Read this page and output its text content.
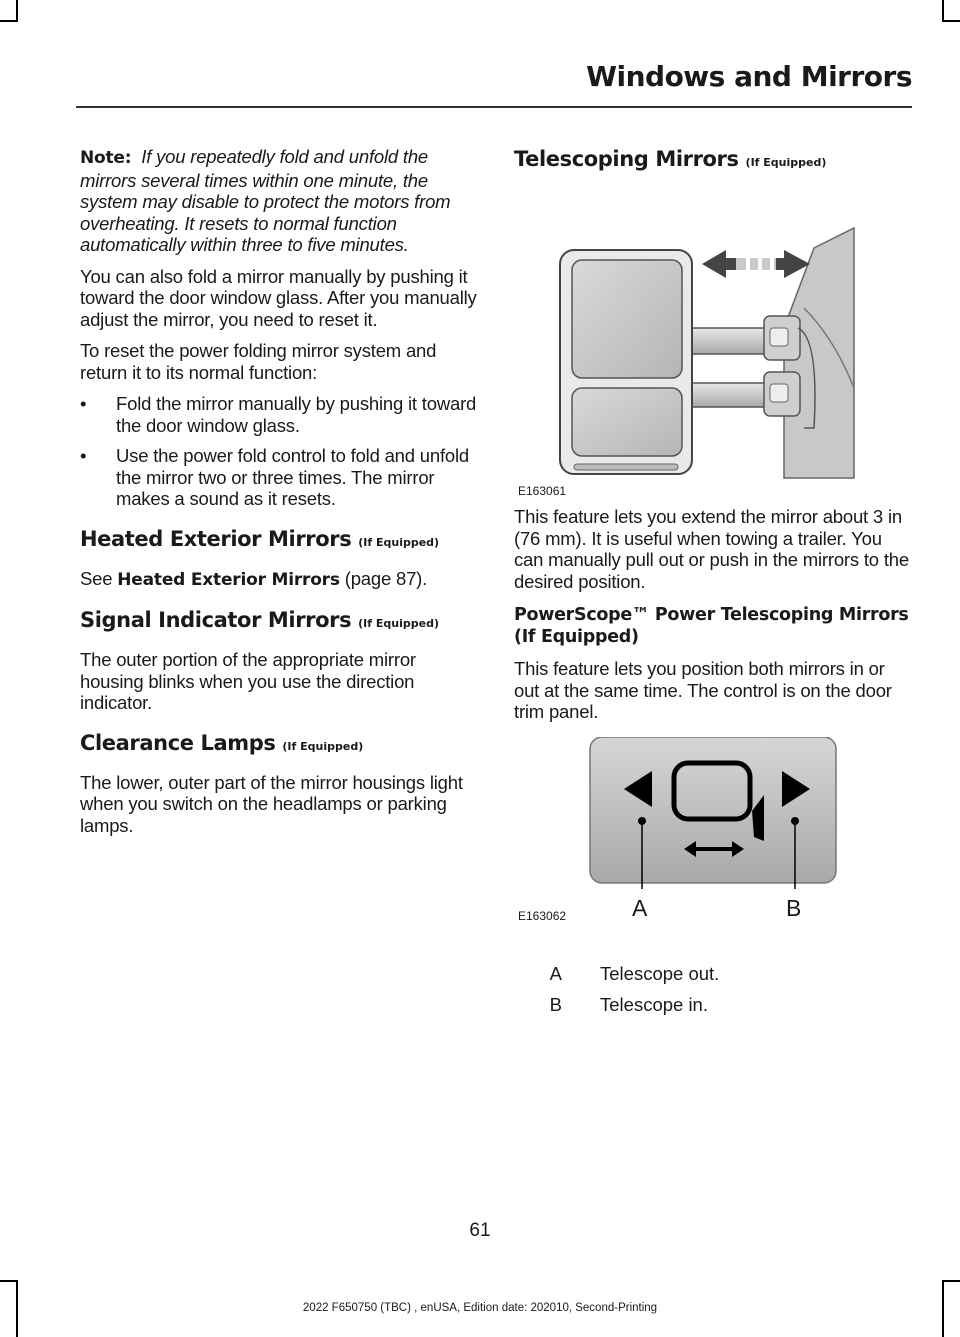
Windows and Mirrors

Note: If you repeatedly fold and unfold the mirrors several times within one minute, the system may disable to protect the motors from overheating. It resets to normal function automatically within three to five minutes.

You can also fold a mirror manually by pushing it toward the door window glass. After you manually adjust the mirror, you need to reset it.

To reset the power folding mirror system and return it to its normal function:

• Fold the mirror manually by pushing it toward the door window glass.
• Use the power fold control to fold and unfold the mirror two or three times. The mirror makes a sound as it resets.
Heated Exterior Mirrors (If Equipped)

See Heated Exterior Mirrors (page 87).

Signal Indicator Mirrors (If Equipped)

The outer portion of the appropriate mirror housing blinks when you use the direction indicator.

Clearance Lamps (If Equipped)

The lower, outer part of the mirror housings light when you switch on the headlamps or parking lamps.

Telescoping Mirrors (If Equipped)
E163061

This feature lets you extend the mirror about 3 in (76 mm). It is useful when towing a trailer. You can manually pull out or push in the mirrors to the desired position.

PowerScope™ Power Telescoping Mirrors (If Equipped)

This feature lets you position both mirrors in or out at the same time. The control is on the door trim panel.

A	B
E163062
A Telescope out.
B Telescope in.
61
2022 F650750 (TBC) , enUSA, Edition date: 202010, Second-Printing
